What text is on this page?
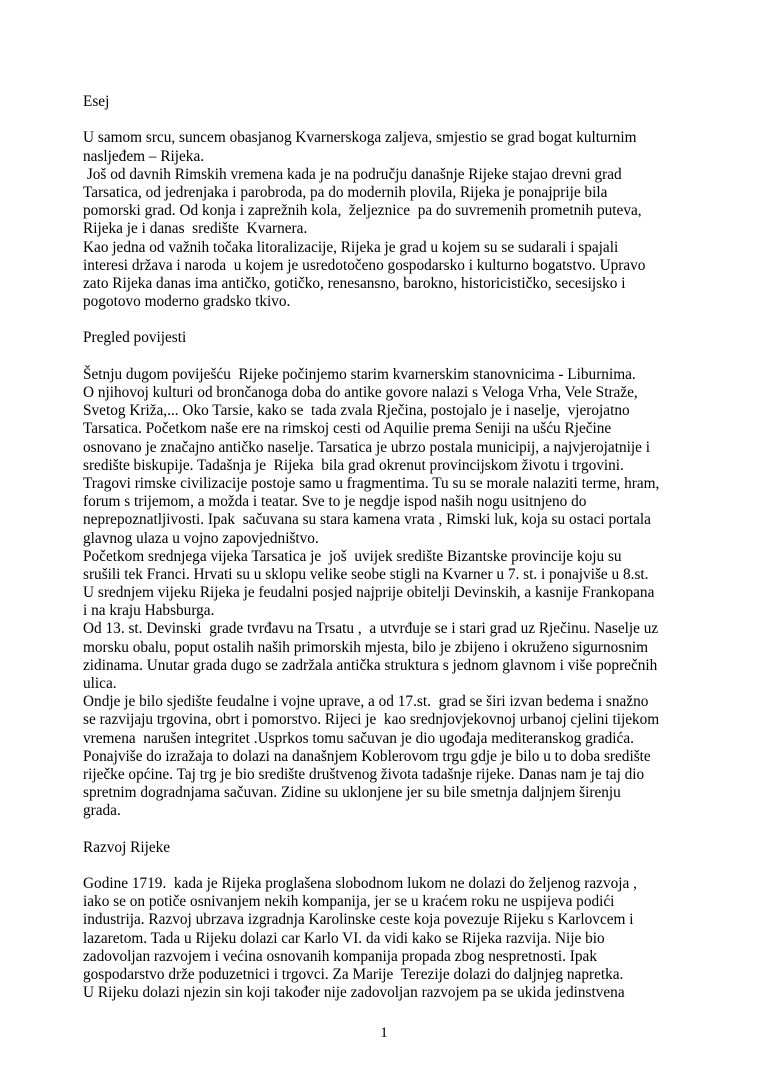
Esej
U samom srcu, suncem obasjanog Kvarnerskoga zaljeva, smjestio se grad bogat kulturnim
nasljeđem – Rijeka.
Još od davnih Rimskih vremena kada je na području današnje Rijeke stajao drevni grad
Tarsatica, od jedrenjaka i parobroda, pa do modernih plovila, Rijeka je ponajprije bila
pomorski grad. Od konja i zaprežnih kola,  željeznice  pa do suvremenih prometnih puteva,
Rijeka je i danas  središte  Kvarnera.
Kao jedna od važnih točaka litoralizacije, Rijeka je grad u kojem su se sudarali i spajali
interesi država i naroda  u kojem je usredotočeno gospodarsko i kulturno bogatstvo. Upravo
zato Rijeka danas ima antičko, gotičko, renesansno, barokno, historicističko, secesijsko i
pogotovo moderno gradsko tkivo.
Pregled povijesti
Šetnju dugom poviješću  Rijeke počinjemo starim kvarnerskim stanovnicima - Liburnima.
O njihovoj kulturi od brončanoga doba do antike govore nalazi s Veloga Vrha, Vele Straže,
Svetog Križa,... Oko Tarsie, kako se  tada zvala Rječina, postojalo je i naselje,  vjerojatno
Tarsatica. Početkom naše ere na rimskoj cesti od Aquilie prema Seniji na ušću Rječine
osnovano je značajno antičko naselje. Tarsatica je ubrzo postala municipij, a najvjerojatnije i
središte biskupije. Tadašnja je  Rijeka  bila grad okrenut provincijskom životu i trgovini.
Tragovi rimske civilizacije postoje samo u fragmentima. Tu su se morale nalaziti terme, hram,
forum s trijemom, a možda i teatar. Sve to je negdje ispod naših nogu usitnjeno do
neprepoznatljivosti. Ipak  sačuvana su stara kamena vrata , Rimski luk, koja su ostaci portala
glavnog ulaza u vojno zapovjedništvo.
Početkom srednjega vijeka Tarsatica je  još  uvijek središte Bizantske provincije koju su
srušili tek Franci. Hrvati su u sklopu velike seobe stigli na Kvarner u 7. st. i ponajviše u 8.st.
U srednjem vijeku Rijeka je feudalni posjed najprije obitelji Devinskih, a kasnije Frankopana
i na kraju Habsburga.
Od 13. st. Devinski  grade tvrđavu na Trsatu ,  a utvrđuje se i stari grad uz Rječinu. Naselje uz
morsku obalu, poput ostalih naših primorskih mjesta, bilo je zbijeno i okruženo sigurnosnim
zidinama. Unutar grada dugo se zadržala antička struktura s jednom glavnom i više poprečnih
ulica.
Ondje je bilo sjedište feudalne i vojne uprave, a od 17.st.  grad se širi izvan bedema i snažno
se razvijaju trgovina, obrt i pomorstvo. Rijeci je  kao srednjovjekovnoj urbanoj cjelini tijekom
vremena  narušen integritet .Usprkos tomu sačuvan je dio ugođaja mediteranskog gradića.
Ponajviše do izražaja to dolazi na današnjem Koblerovom trgu gdje je bilo u to doba središte
riječke općine. Taj trg je bio središte društvenog života tadašnje rijeke. Danas nam je taj dio
spretnim dogradnjama sačuvan. Zidine su uklonjene jer su bile smetnja daljnjem širenju
grada.
Razvoj Rijeke
Godine 1719.  kada je Rijeka proglašena slobodnom lukom ne dolazi do željenog razvoja ,
iako se on potiče osnivanjem nekih kompanija, jer se u kraćem roku ne uspijeva podići
industrija. Razvoj ubrzava izgradnja Karolinske ceste koja povezuje Rijeku s Karlovcem i
lazaretom. Tada u Rijeku dolazi car Karlo VI. da vidi kako se Rijeka razvija. Nije bio
zadovoljan razvojem i većina osnovanih kompanija propada zbog nespretnosti. Ipak
gospodarstvo drže poduzetnici i trgovci. Za Marije  Terezije dolazi do daljnjeg napretka.
U Rijeku dolazi njezin sin koji također nije zadovoljan razvojem pa se ukida jedinstvena
1
